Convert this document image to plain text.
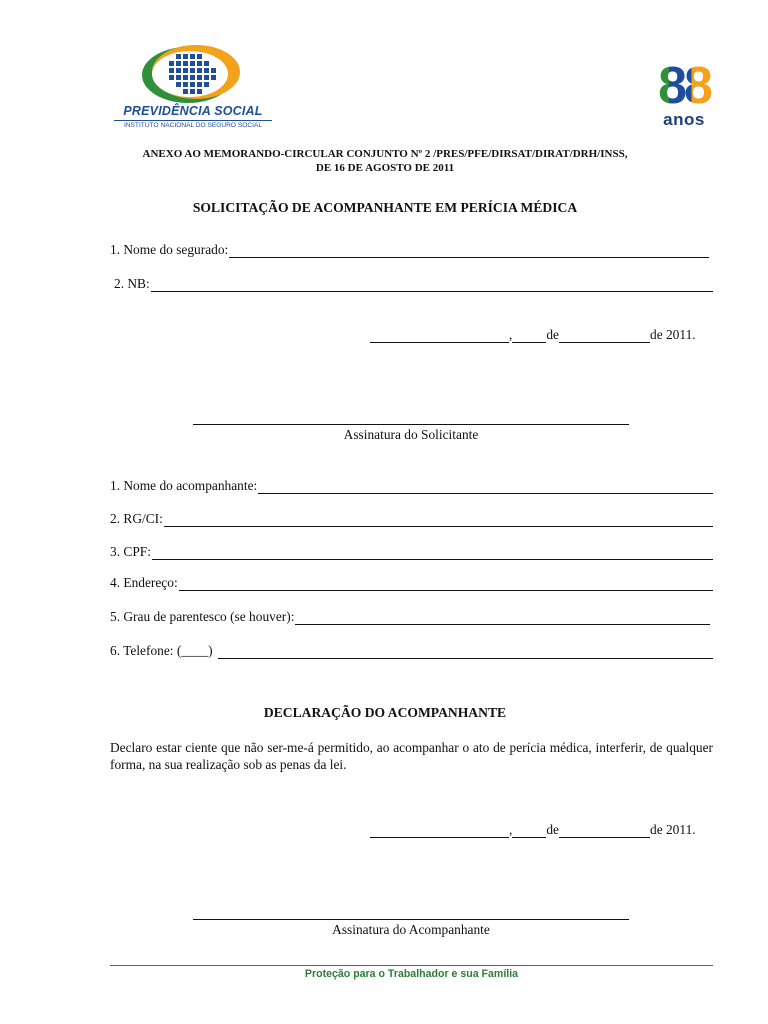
PREVIDÊNCIA SOCIAL
INSTITUTO NACIONAL DO SEGURO SOCIAL
88
anos
ANEXO AO MEMORANDO-CIRCULAR CONJUNTO Nº 2 /PRES/PFE/DIRSAT/DIRAT/DRH/INSS,
DE 16 DE AGOSTO DE 2011
SOLICITAÇÃO DE ACOMPANHANTE EM PERÍCIA MÉDICA
1. Nome do segurado:
2. NB:
,	de	de 2011.
Assinatura do Solicitante
1. Nome do acompanhante:
2. RG/CI:
3. CPF:
4. Endereço:
5. Grau de parentesco (se houver):
6. Telefone: (____)
DECLARAÇÃO DO ACOMPANHANTE
Declaro estar ciente que não ser-me-á permitido, ao acompanhar o ato de perícia médica, interferir, de qualquer forma, na sua realização sob as penas da lei.
,	de	de 2011.
Assinatura do Acompanhante
Proteção para o Trabalhador e sua Família
